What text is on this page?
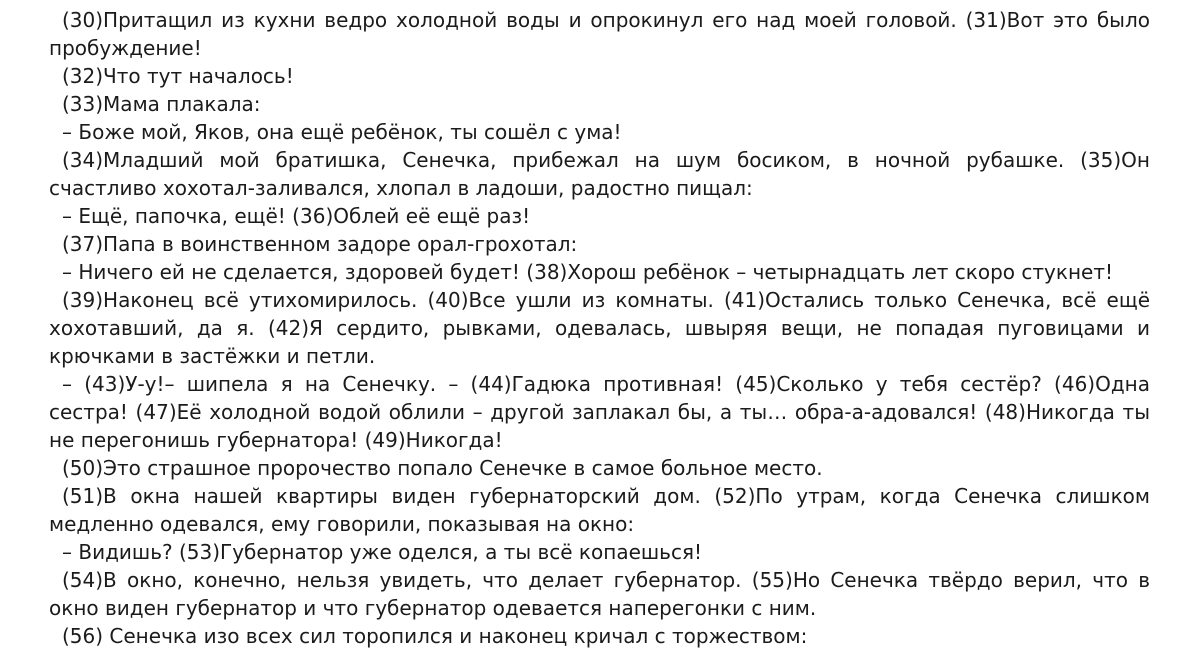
(30)Притащил из кухни ведро холодной воды и опрокинул его над моей головой. (31)Вот это было пробуждение!

(32)Что тут началось!

(33)Мама плакала:

– Боже мой, Яков, она ещё ребёнок, ты сошёл с ума!

(34)Младший мой братишка, Сенечка, прибежал на шум босиком, в ночной рубашке. (35)Он счастливо хохотал-заливался, хлопал в ладоши, радостно пищал:

– Ещё, папочка, ещё! (36)Облей её ещё раз!

(37)Папа в воинственном задоре орал-грохотал:

– Ничего ей не сделается, здоровей будет! (38)Хорош ребёнок – четырнадцать лет скоро стукнет!

(39)Наконец всё утихомирилось. (40)Все ушли из комнаты. (41)Остались только Сенечка, всё ещё хохотавший, да я. (42)Я сердито, рывками, одевалась, швыряя вещи, не попадая пуговицами и крючками в застёжки и петли.

– (43)У-у!– шипела я на Сенечку. – (44)Гадюка противная! (45)Сколько у тебя сестёр? (46)Одна сестра! (47)Её холодной водой облили – другой заплакал бы, а ты… обра-а-адовался! (48)Никогда ты не перегонишь губернатора! (49)Никогда!

(50)Это страшное пророчество попало Сенечке в самое больное место.

(51)В окна нашей квартиры виден губернаторский дом. (52)По утрам, когда Сенечка слишком медленно одевался, ему говорили, показывая на окно:

– Видишь? (53)Губернатор уже оделся, а ты всё копаешься!

(54)В окно, конечно, нельзя увидеть, что делает губернатор. (55)Но Сенечка твёрдо верил, что в окно виден губернатор и что губернатор одевается наперегонки с ним.

(56) Сенечка изо всех сил торопился и наконец кричал с торжеством:
